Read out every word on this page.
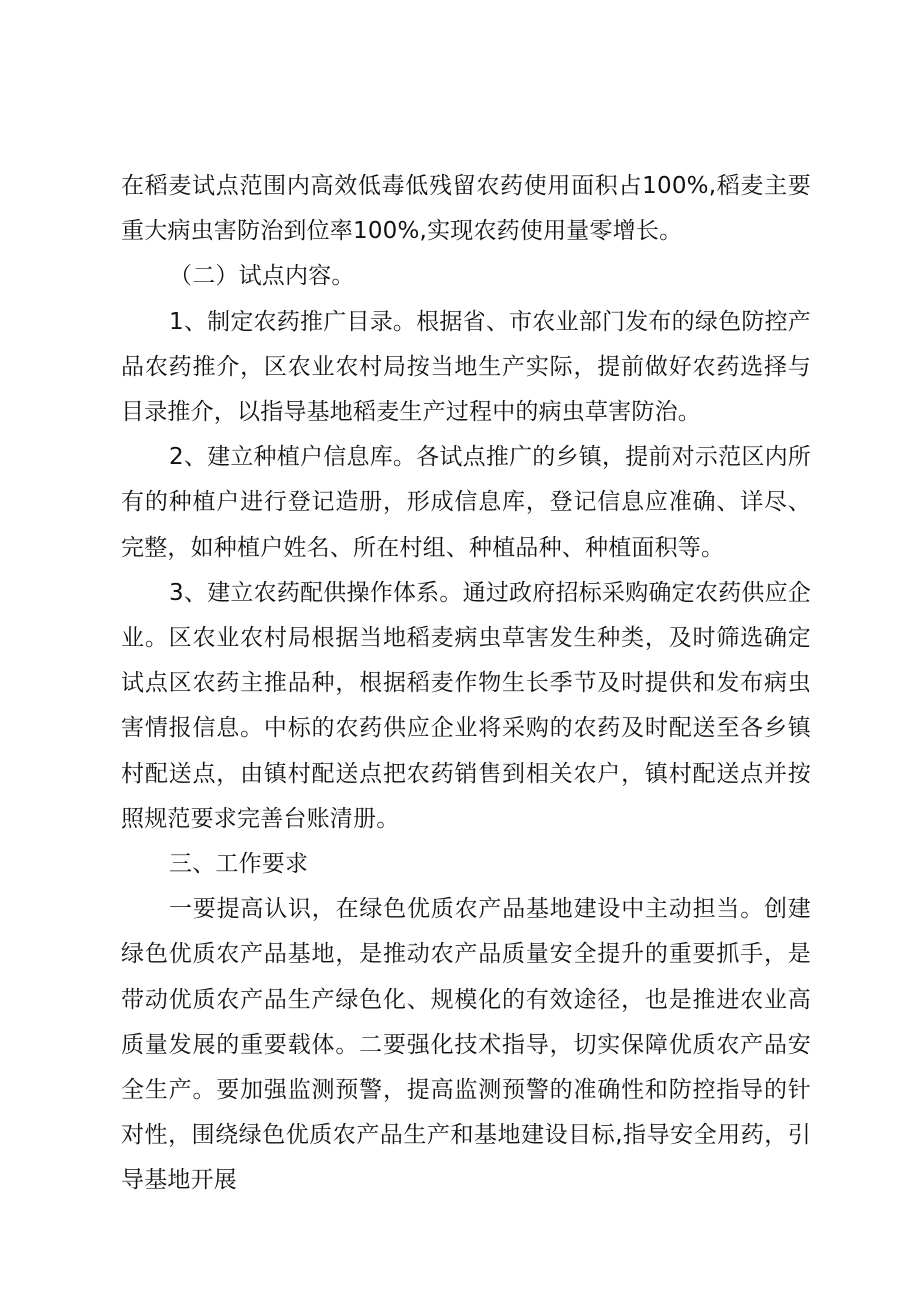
在稻麦试点范围内高效低毒低残留农药使用面积占100%,稻麦主要重大病虫害防治到位率100%,实现农药使用量零增长。

（二）试点内容。

1、制定农药推广目录。根据省、市农业部门发布的绿色防控产品农药推介，区农业农村局按当地生产实际，提前做好农药选择与目录推介，以指导基地稻麦生产过程中的病虫草害防治。

2、建立种植户信息库。各试点推广的乡镇，提前对示范区内所有的种植户进行登记造册，形成信息库，登记信息应准确、详尽、完整，如种植户姓名、所在村组、种植品种、种植面积等。

3、建立农药配供操作体系。通过政府招标采购确定农药供应企业。区农业农村局根据当地稻麦病虫草害发生种类，及时筛选确定试点区农药主推品种，根据稻麦作物生长季节及时提供和发布病虫害情报信息。中标的农药供应企业将采购的农药及时配送至各乡镇村配送点，由镇村配送点把农药销售到相关农户，镇村配送点并按照规范要求完善台账清册。

三、工作要求

一要提高认识，在绿色优质农产品基地建设中主动担当。创建绿色优质农产品基地，是推动农产品质量安全提升的重要抓手，是带动优质农产品生产绿色化、规模化的有效途径，也是推进农业高质量发展的重要载体。二要强化技术指导，切实保障优质农产品安全生产。要加强监测预警，提高监测预警的准确性和防控指导的针对性，围绕绿色优质农产品生产和基地建设目标,指导安全用药，引导基地开展
